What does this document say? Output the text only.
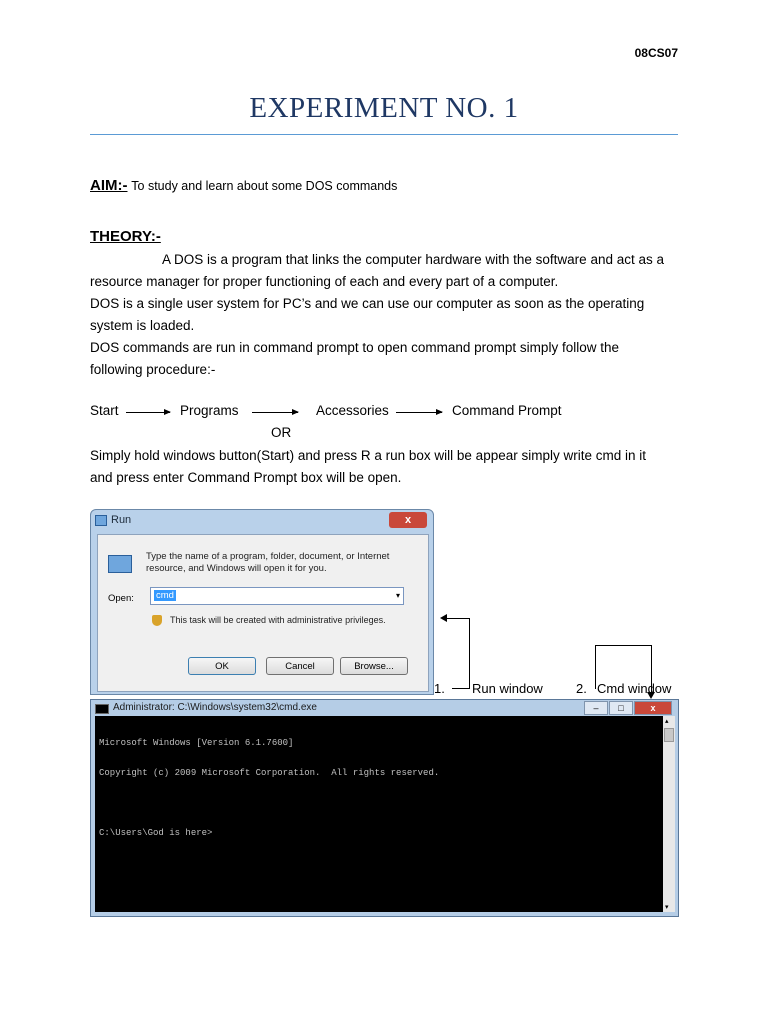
08CS07
EXPERIMENT NO. 1
AIM:- To study and learn about some DOS commands
THEORY:-
A DOS is a program that links the computer hardware with the software and act as a
resource manager for proper functioning of each and every part of a computer.
DOS is a single user system for PC’s and we can use our computer as soon as the operating
system is loaded.
DOS commands are run in command prompt to open command prompt simply follow the
following procedure:-
Start	Programs	Accessories	Command Prompt
OR
Simply hold windows button(Start) and press R a run box will be appear simply write cmd in it
and press enter Command Prompt box will be open.
Run	x
Type the name of a program, folder, document, or Internet resource, and Windows will open it for you.
Open: cmd	▾
This task will be created with administrative privileges.
OK	Cancel	Browse...
1. Run window	2. Cmd window
Administrator: C:\Windows\system32\cmd.exe	– □	x

Microsoft Windows [Version 6.1.7600]

Copyright (c) 2009 Microsoft Corporation.  All rights reserved.

C:\Users\God is here>

▴
▾
